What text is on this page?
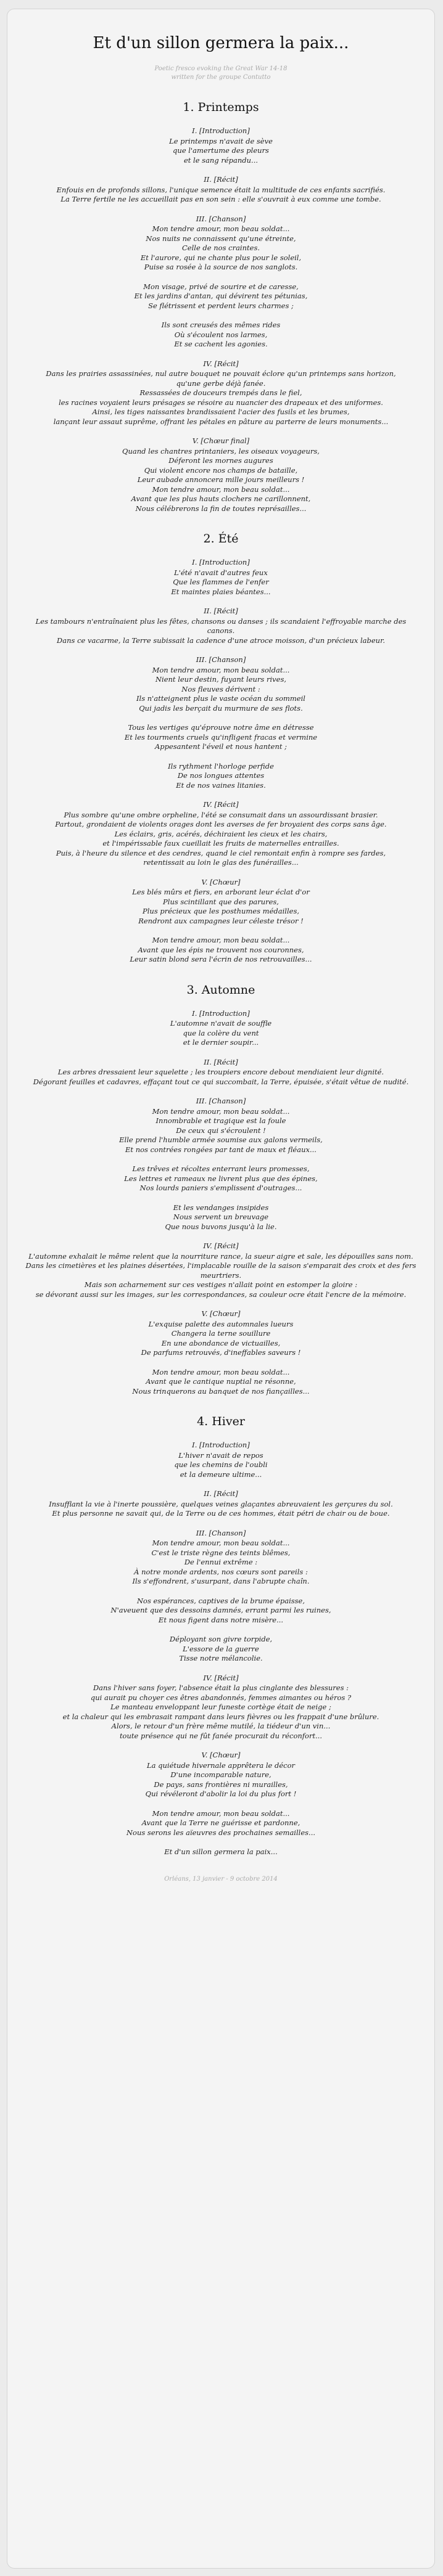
Et d'un sillon germera la paix...
Poetic fresco evoking the Great War 14-18
written for the groupe Contutto
1. Printemps
I. [Introduction]
Le printemps n'avait de sève
que l'amertume des pleurs
et le sang répandu...
II. [Récit]
Enfouis en de profonds sillons, l'unique semence était la multitude de ces enfants sacrifiés.
La Terre fertile ne les accueillait pas en son sein : elle s'ouvrait à eux comme une tombe.
III. [Chanson]
Mon tendre amour, mon beau soldat...
Nos nuits ne connaissent qu'une étreinte,
Celle de nos craintes.
Et l'aurore, qui ne chante plus pour le soleil,
Puise sa rosée à la source de nos sanglots.
Mon visage, privé de sourire et de caresse,
Et les jardins d'antan, qui dévirent tes pétunias,
Se flétrissent et perdent leurs charmes ;
Ils sont creusés des mêmes rides
Où s'écoulent nos larmes,
Et se cachent les agonies.
IV. [Récit]
Dans les prairies assassinées, nul autre bouquet ne pouvait éclore qu'un printemps sans horizon,
qu'une gerbe déjà fanée.
Ressassées de douceurs trempés dans le fiel,
les racines voyaient leurs présages se résoire au nuancier des drapeaux et des uniformes.
Ainsi, les tiges naissantes brandissaient l'acier des fusils et les brumes,
lançant leur assaut suprême, offrant les pétales en pâture au parterre de leurs monuments...
V. [Chœur final]
Quand les chantres printaniers, les oiseaux voyageurs,
Déferont les mornes augures
Qui violent encore nos champs de bataille,
Leur aubade annoncera mille jours meilleurs !
Mon tendre amour, mon beau soldat...
Avant que les plus hauts clochers ne carillonnent,
Nous célébrerons la fin de toutes représailles...
2. Été
I. [Introduction]
L'été n'avait d'autres feux
Que les flammes de l'enfer
Et maintes plaies béantes...
II. [Récit]
Les tambours n'entraînaient plus les fêtes, chansons ou danses ; ils scandaient l'effroyable marche des canons.
Dans ce vacarme, la Terre subissait la cadence d'une atroce moisson, d'un précieux labeur.
III. [Chanson]
Mon tendre amour, mon beau soldat...
Nient leur destin, fuyant leurs rives,
Nos fleuves dérivent :
Ils n'atteignent plus le vaste océan du sommeil
Qui jadis les berçait du murmure de ses flots.
Tous les vertiges qu'éprouve notre âme en détresse
Et les tourments cruels qu'infligent fracas et vermine
Appesantent l'éveil et nous hantent ;
Ils rythment l'horloge perfide
De nos longues attentes
Et de nos vaines litanies.
IV. [Récit]
Plus sombre qu'une ombre orpheline, l'été se consumait dans un assourdissant brasier.
Partout, grondaient de violents orages dont les averses de fer broyaient des corps sans âge.
Les éclairs, gris, acérés, déchiraient les cieux et les chairs,
et l'impérissable faux cueillait les fruits de maternelles entrailles.
Puis, à l'heure du silence et des cendres, quand le ciel remontait enfin à rompre ses fardes,
retentissait au loin le glas des funérailles...
V. [Chœur]
Les blés mûrs et fiers, en arborant leur éclat d'or
Plus scintillant que des parures,
Plus précieux que les posthumes médailles,
Rendront aux campagnes leur céleste trésor !
Mon tendre amour, mon beau soldat...
Avant que les épis ne trouvent nos couronnes,
Leur satin blond sera l'écrin de nos retrouvailles...
3. Automne
I. [Introduction]
L'automne n'avait de souffle
que la colère du vent
et le dernier soupir...
II. [Récit]
Les arbres dressaient leur squelette ; les troupiers encore debout mendiaient leur dignité.
Dégorant feuilles et cadavres, effaçant tout ce qui succombait, la Terre, épuisée, s'était vêtue de nudité.
III. [Chanson]
Mon tendre amour, mon beau soldat...
Innombrable et tragique est la foule
De ceux qui s'écroulent !
Elle prend l'humble armée soumise aux galons vermeils,
Et nos contrées rongées par tant de maux et fléaux...
Les trêves et récoltes enterrant leurs promesses,
Les lettres et rameaux ne livrent plus que des épines,
Nos lourds paniers s'emplissent d'outrages...
Et les vendanges insipides
Nous servent un breuvage
Que nous buvons jusqu'à la lie.
IV. [Récit]
L'automne exhalait le même relent que la nourriture rance, la sueur aigre et sale, les dépouilles sans nom.
Dans les cimetières et les plaines désertées, l'implacable rouille de la saison s'emparait des croix et des fers meurtriers.
Mais son acharnement sur ces vestiges n'allait point en estomper la gloire :
se dévorant aussi sur les images, sur les correspondances, sa couleur ocre était l'encre de la mémoire.
V. [Chœur]
L'exquise palette des automnales lueurs
Changera la terne souillure
En une abondance de victuailles,
De parfums retrouvés, d'ineffables saveurs !
Mon tendre amour, mon beau soldat...
Avant que le cantique nuptial ne résonne,
Nous trinquerons au banquet de nos fiançailles...
4. Hiver
I. [Introduction]
L'hiver n'avait de repos
que les chemins de l'oubli
et la demeure ultime...
II. [Récit]
Insufflant la vie à l'inerte poussière, quelques veines glaçantes abreuvaient les gerçures du sol.
Et plus personne ne savait qui, de la Terre ou de ces hommes, était pétri de chair ou de boue.
III. [Chanson]
Mon tendre amour, mon beau soldat...
C'est le triste règne des teints blêmes,
De l'ennui extrême :
À notre monde ardents, nos cœurs sont pareils :
Ils s'effondrent, s'usurpant, dans l'abrupte chaîn.
Nos espérances, captives de la brume épaisse,
N'aveuent que des dessoins damnés, errant parmi les ruines,
Et nous figent dans notre misère...
Déployant son givre torpide,
L'essore de la guerre
Tisse notre mélancolie.
IV. [Récit]
Dans l'hiver sans foyer, l'absence était la plus cinglante des blessures :
qui aurait pu choyer ces êtres abandonnés, femmes aimantes ou héros ?
Le manteau enveloppant leur funeste cortège était de neige ;
et la chaleur qui les embrasait rampant dans leurs fièvres ou les frappait d'une brûlure.
Alors, le retour d'un frère même mutilé, la tiédeur d'un vin...
toute présence qui ne fût fanée procurait du réconfort...
V. [Chœur]
La quiétude hivernale apprêtera le décor
D'une incomparable nature,
De pays, sans frontières ni murailles,
Qui révéleront d'abolir la loi du plus fort !
Mon tendre amour, mon beau soldat...
Avant que la Terre ne guérisse et pardonne,
Nous serons les aïeuvres des prochaines semailles...
Et d'un sillon germera la paix...
Orléans, 13 janvier - 9 octobre 2014
